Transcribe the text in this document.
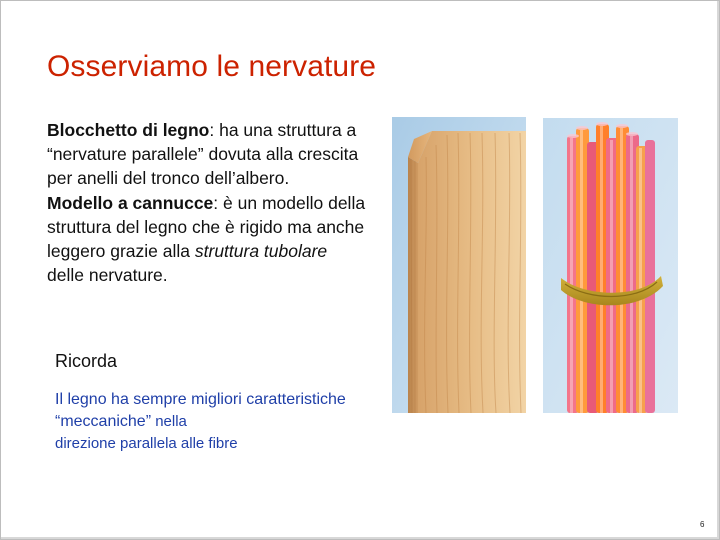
Osserviamo le nervature
Blocchetto di legno: ha una struttura a “nervature parallele” dovuta alla crescita per anelli del tronco dell’albero.
Modello a cannucce: è un modello della struttura del legno che è rigido ma anche leggero grazie alla struttura tubolare delle nervature.
Ricorda
Il legno ha sempre migliori caratteristiche “meccaniche” nella
direzione parallela alle fibre
6
